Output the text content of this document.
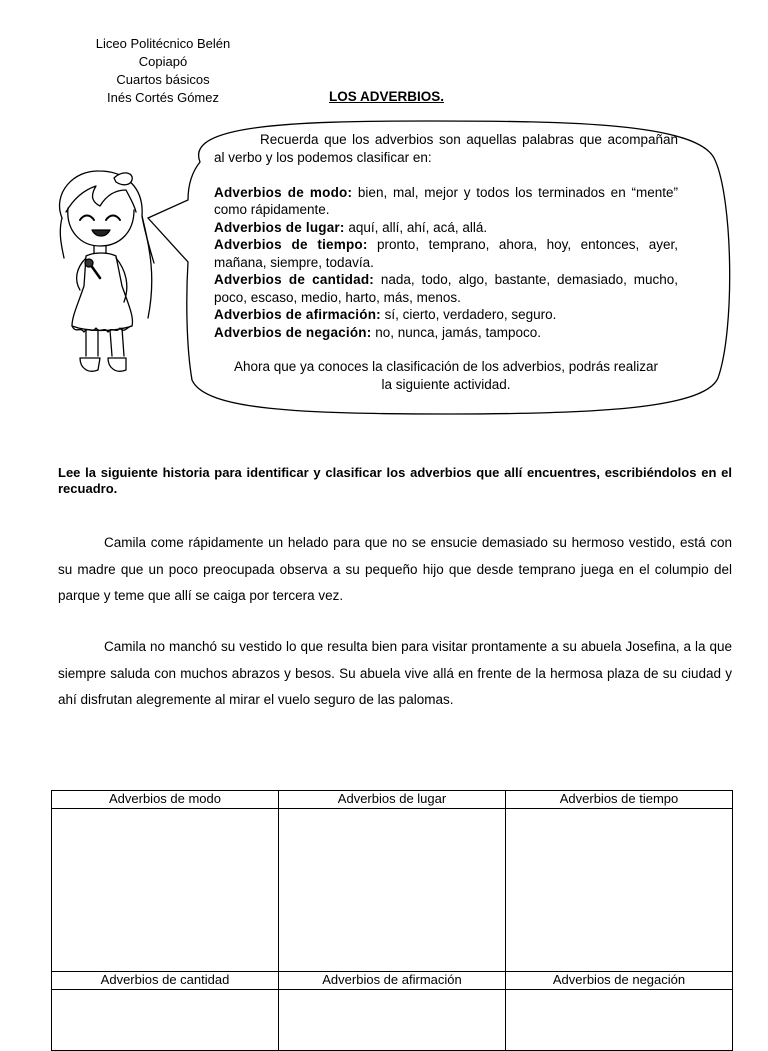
Liceo Politécnico Belén
Copiapó
Cuartos básicos
Inés Cortés Gómez	LOS ADVERBIOS.

Recuerda que los adverbios son aquellas palabras que acompañan al verbo y los podemos clasificar en:

Adverbios de modo: bien, mal, mejor y todos los terminados en “mente” como rápidamente.

Adverbios de lugar: aquí, allí, ahí, acá, allá.

Adverbios de tiempo: pronto, temprano, ahora, hoy, entonces, ayer, mañana, siempre, todavía.

Adverbios de cantidad: nada, todo, algo, bastante, demasiado, mucho, poco, escaso, medio, harto, más, menos.

Adverbios de afirmación: sí, cierto, verdadero, seguro.

Adverbios de negación: no, nunca, jamás, tampoco.

Ahora que ya conoces la clasificación de los adverbios, podrás realizar la siguiente actividad.

Lee la siguiente historia para identificar y clasificar los adverbios que allí encuentres, escribiéndolos en el recuadro.

Camila come rápidamente un helado para que no se ensucie demasiado su hermoso vestido, está con su madre que un poco preocupada observa a su pequeño hijo que desde temprano juega en el columpio del parque y teme que allí se caiga por tercera vez.

Camila no manchó su vestido lo que resulta bien para visitar prontamente a su abuela Josefina, a la que siempre saluda con muchos abrazos y besos. Su abuela vive allá en frente de la hermosa plaza de su ciudad y ahí disfrutan alegremente al mirar el vuelo seguro de las palomas.

Adverbios de modo	Adverbios de lugar	Adverbios de tiempo

Adverbios de cantidad	Adverbios de afirmación	Adverbios de negación
